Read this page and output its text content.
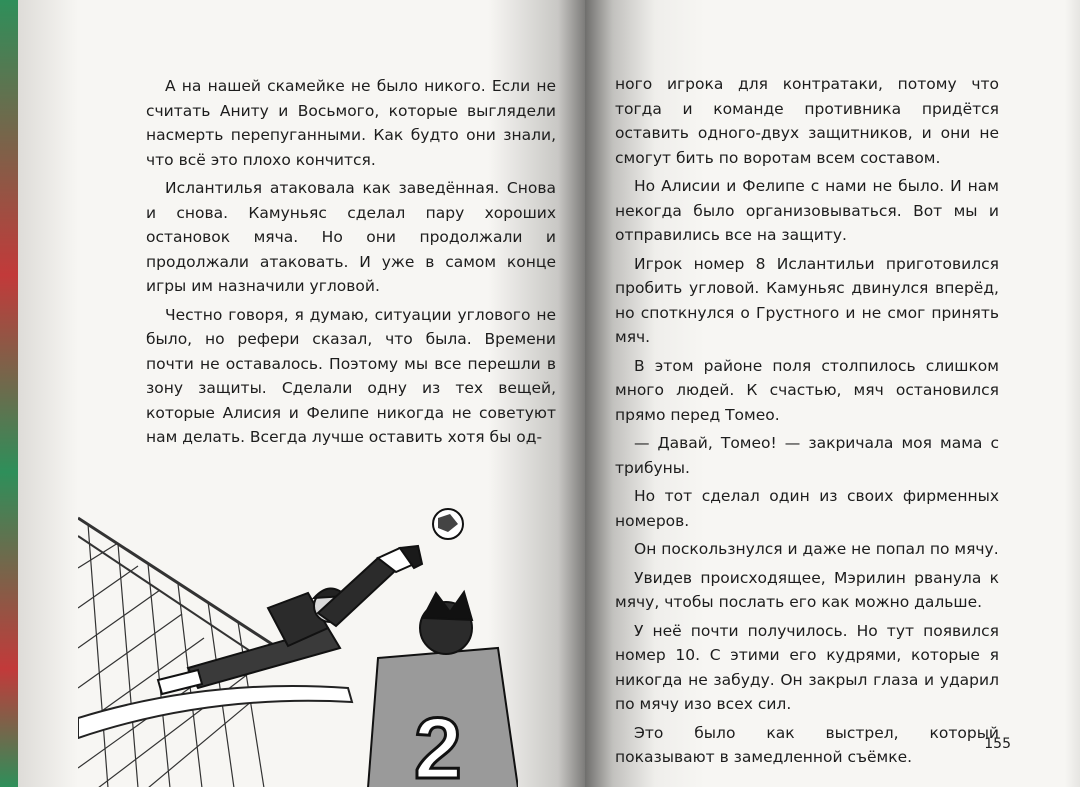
А на нашей скамейке не было никого. Если не считать Аниту и Восьмого, которые выглядели насмерть перепуганными. Как будто они знали, что всё это плохо кончится.

Ислантилья атаковала как заведённая. Снова и снова. Камуньяс сделал пару хороших остановок мяча. Но они продолжали и продолжали атаковать. И уже в самом конце игры им назначили угловой.

Честно говоря, я думаю, ситуации углового не было, но рефери сказал, что была. Времени почти не оставалось. Поэтому мы все перешли в зону защиты. Сделали одну из тех вещей, которые Алисия и Фелипе никогда не советуют нам делать. Всегда лучше оставить хотя бы од-

2

ного игрока для контратаки, потому что тогда и команде противника придётся оставить одного-двух защитников, и они не смогут бить по воротам всем составом.

Но Алисии и Фелипе с нами не было. И нам некогда было организовываться. Вот мы и отправились все на защиту.

Игрок номер 8 Ислантильи приготовился пробить угловой. Камуньяс двинулся вперёд, но споткнулся о Грустного и не смог принять мяч.

В этом районе поля столпилось слишком много людей. К счастью, мяч остановился прямо перед Томео.

— Давай, Томео! — закричала моя мама с трибуны.

Но тот сделал один из своих фирменных номеров.

Он поскользнулся и даже не попал по мячу.

Увидев происходящее, Мэрилин рванула к мячу, чтобы послать его как можно дальше.

У неё почти получилось. Но тут появился номер 10. С этими его кудрями, которые я никогда не забуду. Он закрыл глаза и ударил по мячу изо всех сил.

Это было как выстрел, который показывают в замедленной съёмке.

155
